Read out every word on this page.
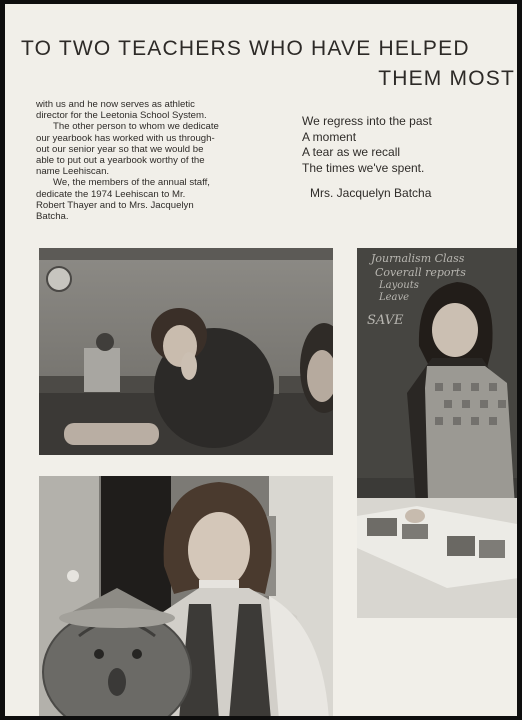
TO TWO TEACHERS WHO HAVE HELPED
THEM MOST

with us and he now serves as athletic

director for the Leetonia School System.

The other person to whom we dedicate

our yearbook has worked with us through-

out our senior year so that we would be

able to put out a yearbook worthy of the

name Leehiscan.

We, the members of the annual staff,

dedicate the 1974 Leehiscan to Mr.

Robert Thayer and to Mrs. Jacquelyn

Batcha.

We regress into the past
A moment
A tear as we recall
The times we've spent.
Mrs. Jacquelyn Batcha
Journalism Class
Coverall reports
Layouts
Leave
SAVE
